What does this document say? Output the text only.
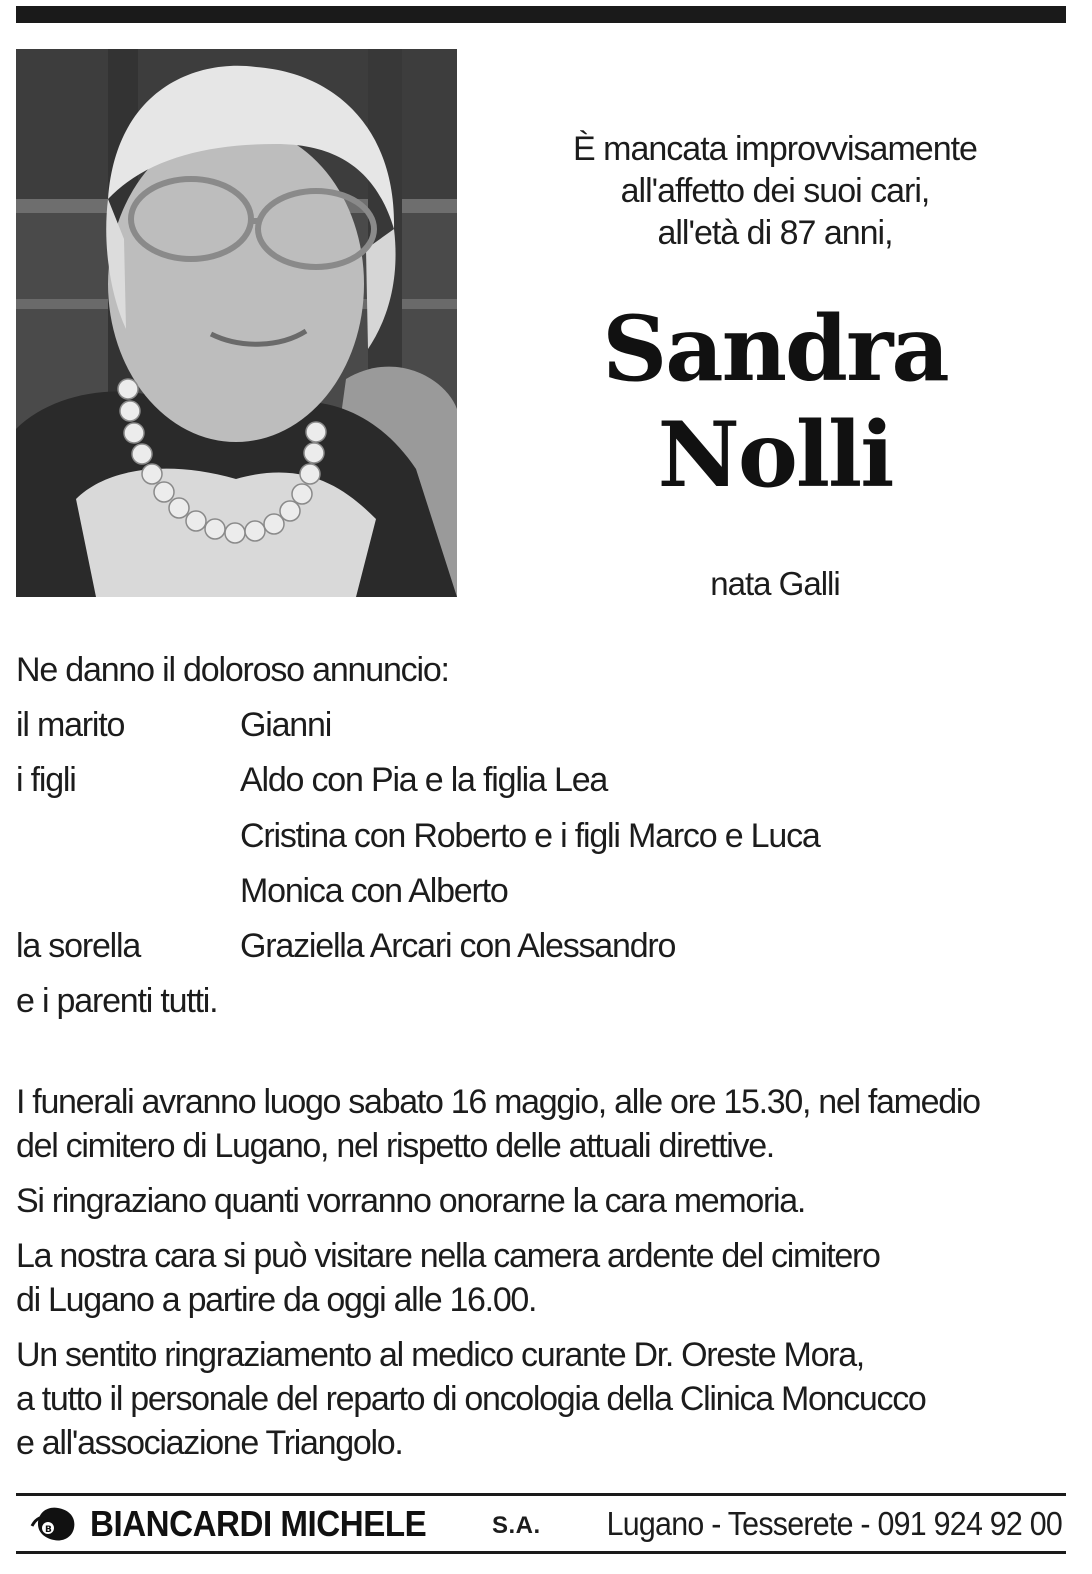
È mancata improvvisamente
all'affetto dei suoi cari,
all'età di 87 anni,
Sandra
Nolli
nata Galli
Ne danno il doloroso annuncio:
il marito	Gianni
i figli	Aldo con Pia e la figlia Lea
Cristina con Roberto e i figli Marco e Luca
Monica con Alberto
la sorella	Graziella Arcari con Alessandro
e i parenti tutti.
I funerali avranno luogo sabato 16 maggio, alle ore 15.30, nel famedio
del cimitero di Lugano, nel rispetto delle attuali direttive.
Si ringraziano quanti vorranno onorarne la cara memoria.
La nostra cara si può visitare nella camera ardente del cimitero
di Lugano a partire da oggi alle 16.00.
Un sentito ringraziamento al medico curante Dr. Oreste Mora,
a tutto il personale del reparto di oncologia della Clinica Moncucco
e all'associazione Triangolo.
B BIANCARDI MICHELE	S.A. Lugano - Tesserete - 091 924 92 00
